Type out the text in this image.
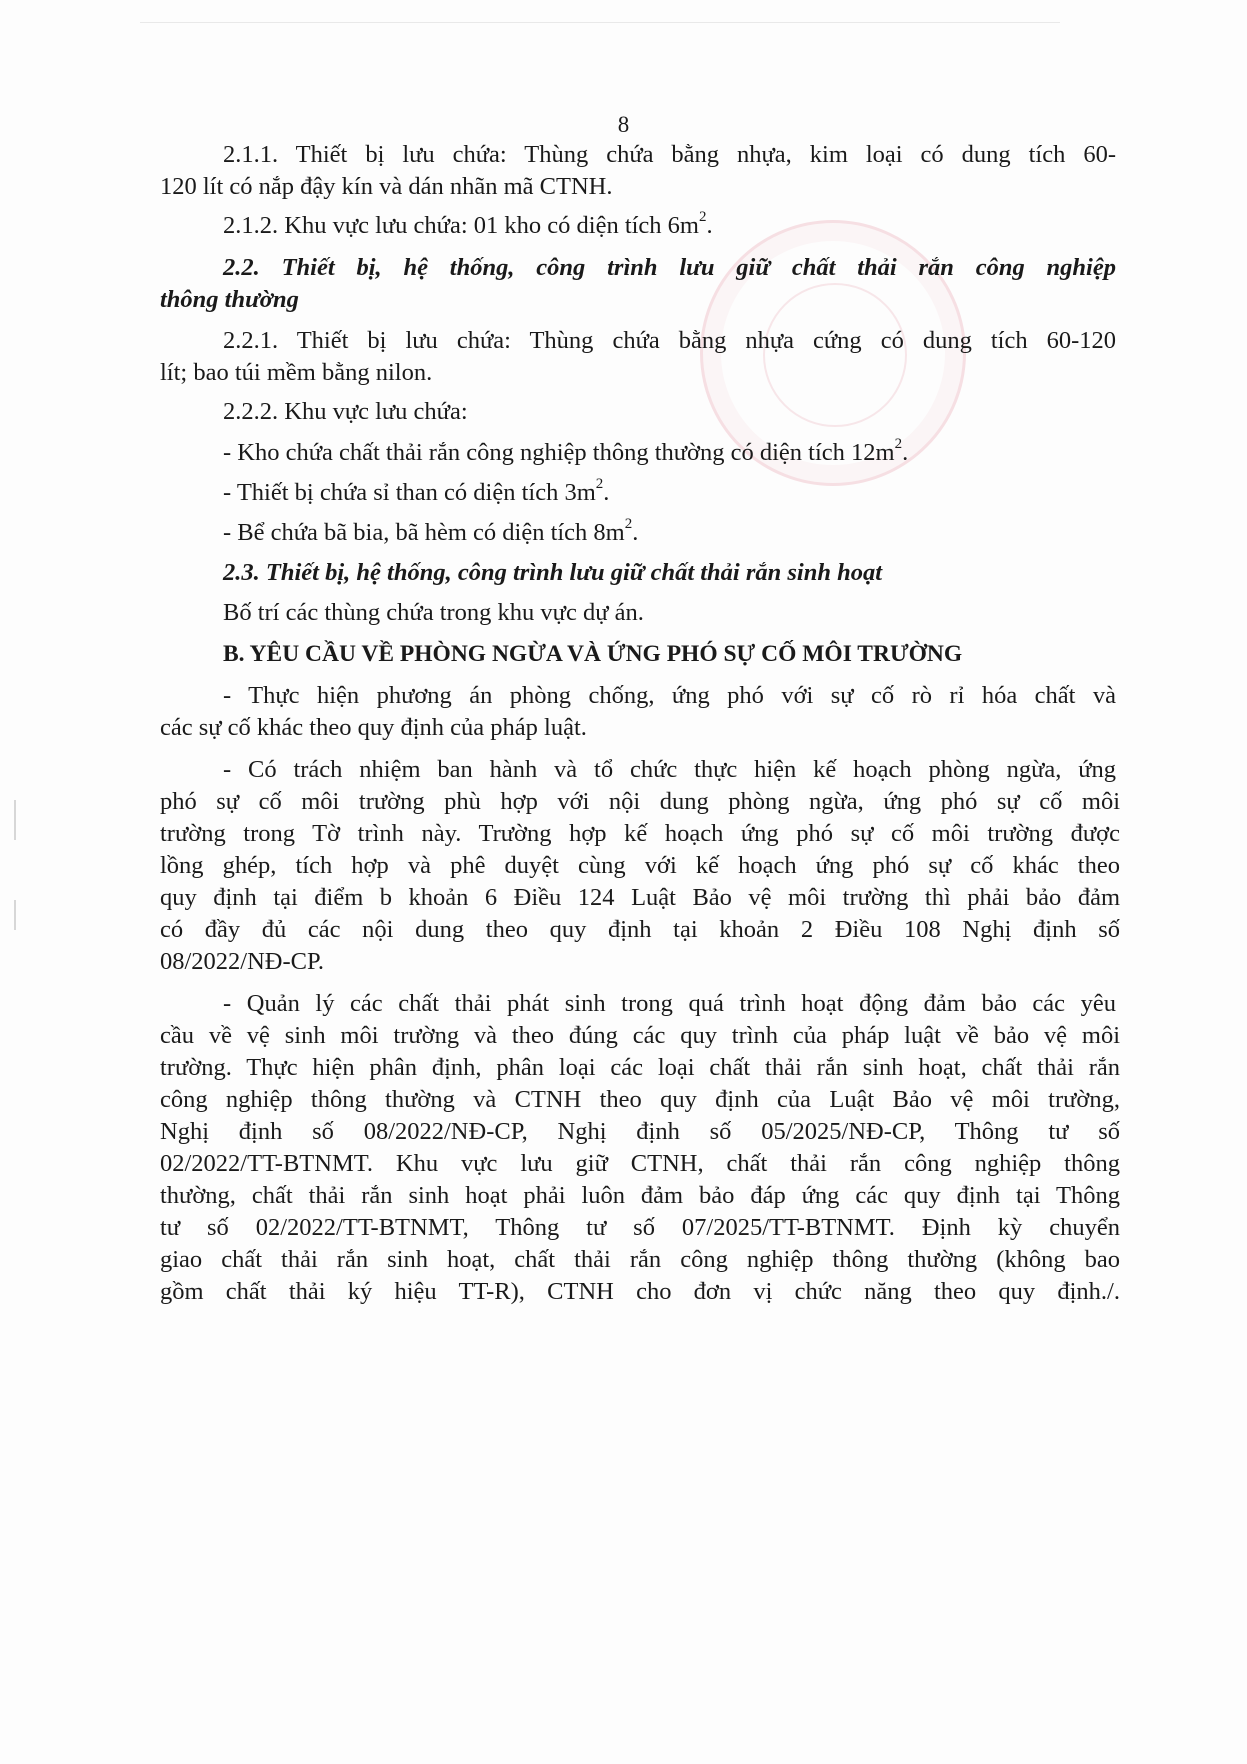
8
2.1.1. Thiết bị lưu chứa: Thùng chứa bằng nhựa, kim loại có dung tích 60-
120 lít có nắp đậy kín và dán nhãn mã CTNH.
2.1.2. Khu vực lưu chứa: 01 kho có diện tích $6m^2$.
2.2. Thiết bị, hệ thống, công trình lưu giữ chất thải rắn công nghiệp
thông thường
2.2.1. Thiết bị lưu chứa: Thùng chứa bằng nhựa cứng có dung tích 60-120
lít; bao túi mềm bằng nilon.
2.2.2. Khu vực lưu chứa:
- Kho chứa chất thải rắn công nghiệp thông thường có diện tích $12m^2$.
- Thiết bị chứa sỉ than có diện tích $3m^2$.
- Bể chứa bã bia, bã hèm có diện tích $8m^2$.
2.3. Thiết bị, hệ thống, công trình lưu giữ chất thải rắn sinh hoạt
Bố trí các thùng chứa trong khu vực dự án.
B. YÊU CẦU VỀ PHÒNG NGỪA VÀ ỨNG PHÓ SỰ CỐ MÔI TRƯỜNG
- Thực hiện phương án phòng chống, ứng phó với sự cố rò rỉ hóa chất và
các sự cố khác theo quy định của pháp luật.
- Có trách nhiệm ban hành và tổ chức thực hiện kế hoạch phòng ngừa, ứng
phó sự cố môi trường phù hợp với nội dung phòng ngừa, ứng phó sự cố môi
trường trong Tờ trình này. Trường hợp kế hoạch ứng phó sự cố môi trường được
lồng ghép, tích hợp và phê duyệt cùng với kế hoạch ứng phó sự cố khác theo
quy định tại điểm b khoản 6 Điều 124 Luật Bảo vệ môi trường thì phải bảo đảm
có đầy đủ các nội dung theo quy định tại khoản 2 Điều 108 Nghị định số
08/2022/NĐ-CP.
- Quản lý các chất thải phát sinh trong quá trình hoạt động đảm bảo các yêu
cầu về vệ sinh môi trường và theo đúng các quy trình của pháp luật về bảo vệ môi
trường. Thực hiện phân định, phân loại các loại chất thải rắn sinh hoạt, chất thải rắn
công nghiệp thông thường và CTNH theo quy định của Luật Bảo vệ môi trường,
Nghị định số 08/2022/NĐ-CP, Nghị định số 05/2025/NĐ-CP, Thông tư số
02/2022/TT-BTNMT. Khu vực lưu giữ CTNH, chất thải rắn công nghiệp thông
thường, chất thải rắn sinh hoạt phải luôn đảm bảo đáp ứng các quy định tại Thông
tư số 02/2022/TT-BTNMT, Thông tư số 07/2025/TT-BTNMT. Định kỳ chuyển
giao chất thải rắn sinh hoạt, chất thải rắn công nghiệp thông thường (không bao
gồm chất thải ký hiệu TT-R), CTNH cho đơn vị chức năng theo quy định./.
